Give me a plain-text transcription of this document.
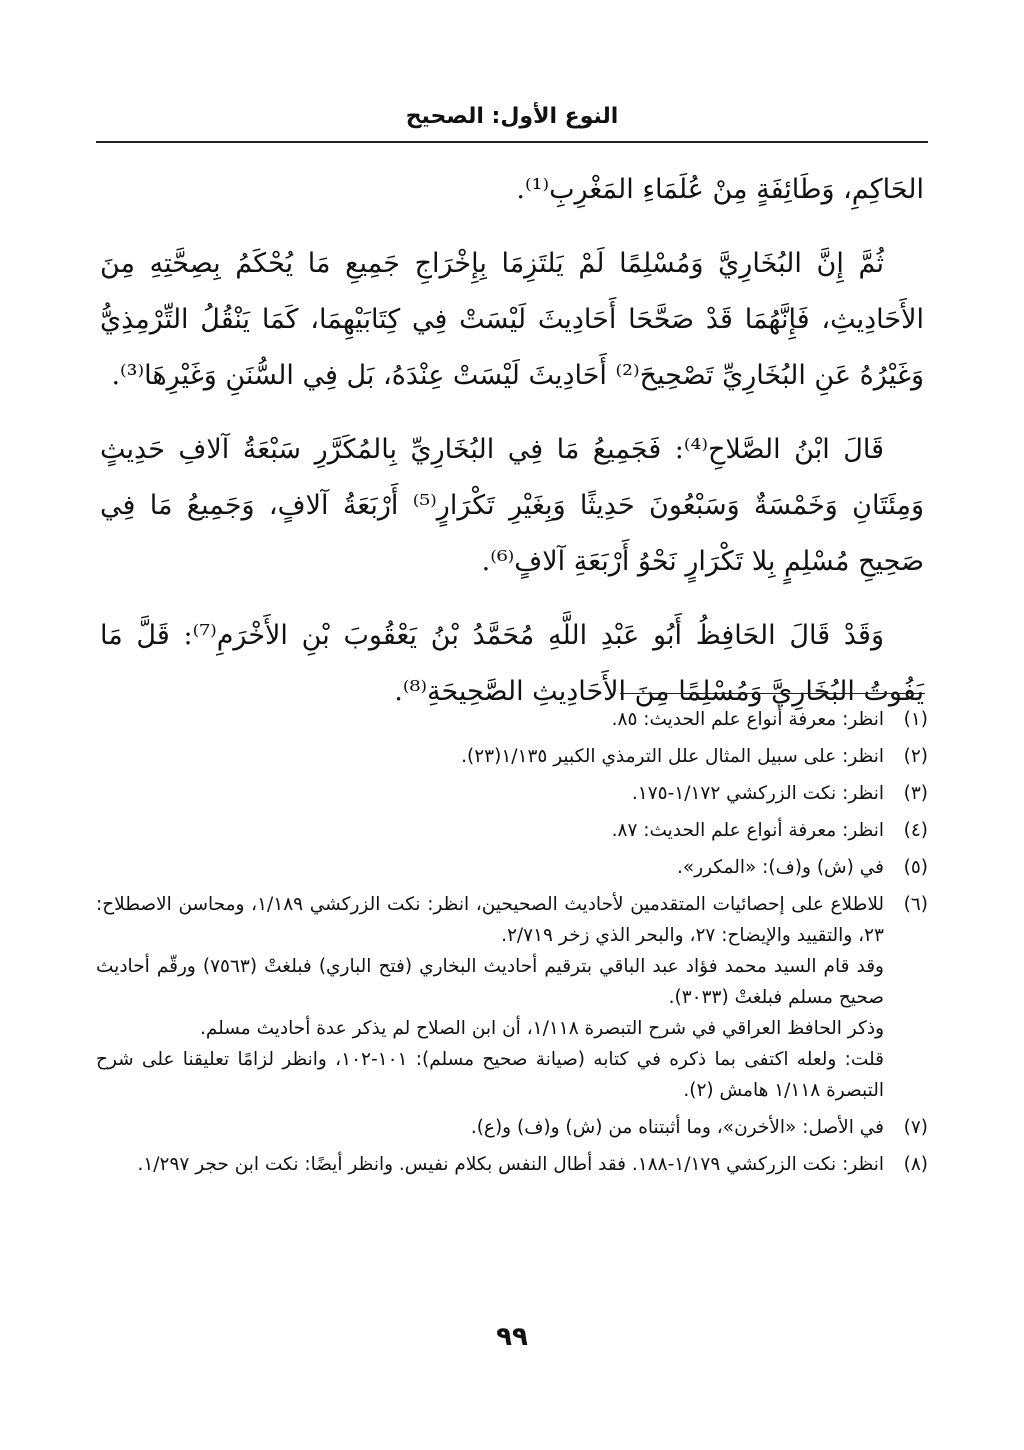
النوع الأول: الصحيح

الحَاكِمِ، وَطَائِفَةٍ مِنْ عُلَمَاءِ المَغْرِبِ⁽¹⁾.

ثُمَّ إِنَّ البُخَارِيَّ وَمُسْلِمًا لَمْ يَلتَزِمَا بِإِخْرَاجِ جَمِيعِ مَا يُحْكَمُ بِصِحَّتِهِ مِنَ الأَحَادِيثِ، فَإِنَّهُمَا قَدْ صَحَّحَا أَحَادِيثَ لَيْسَتْ فِي كِتَابَيْهِمَا، كَمَا يَنْقُلُ التِّرْمِذِيُّ وَغَيْرُهُ عَنِ البُخَارِيِّ تَصْحِيحَ⁽²⁾ أَحَادِيثَ لَيْسَتْ عِنْدَهُ، بَل فِي السُّنَنِ وَغَيْرِهَا⁽³⁾.

قَالَ ابْنُ الصَّلاحِ⁽⁴⁾: فَجَمِيعُ مَا فِي البُخَارِيِّ بِالمُكَرَّرِ سَبْعَةُ آلافِ حَدِيثٍ وَمِئَتَانِ وَخَمْسَةٌ وَسَبْعُونَ حَدِيثًا وَبِغَيْرِ تَكْرَارٍ⁽⁵⁾ أَرْبَعَةُ آلافٍ، وَجَمِيعُ مَا فِي صَحِيحِ مُسْلِمٍ بِلا تَكْرَارٍ نَحْوُ أَرْبَعَةِ آلافٍ⁽⁶⁾.

وَقَدْ قَالَ الحَافِظُ أَبُو عَبْدِ اللَّهِ مُحَمَّدُ بْنُ يَعْقُوبَ بْنِ الأَخْرَمِ⁽⁷⁾: قَلَّ مَا يَفُوتُ البُخَارِيَّ وَمُسْلِمًا مِنَ الأَحَادِيثِ الصَّحِيحَةِ⁽⁸⁾.

(١)
انظر: معرفة أنواع علم الحديث: ٨٥.
(٢)
انظر: على سبيل المثال علل الترمذي الكبير ١/١٣٥(٢٣).
(٣)
انظر: نكت الزركشي ١/١٧٢-١٧٥.
(٤)
انظر: معرفة أنواع علم الحديث: ٨٧.
(٥)
في (ش) و(ف): «المكرر».
(٦)
للاطلاع على إحصائيات المتقدمين لأحاديث الصحيحين، انظر: نكت الزركشي ١/١٨٩، ومحاسن الاصطلاح: ٢٣، والتقييد والإيضاح: ٢٧، والبحر الذي زخر ٢/٧١٩.
وقد قام السيد محمد فؤاد عبد الباقي بترقيم أحاديث البخاري (فتح الباري) فبلغتْ (٧٥٦٣) ورقّم أحاديث صحيح مسلم فبلغتْ (٣٠٣٣).
وذكر الحافظ العراقي في شرح التبصرة ١/١١٨، أن ابن الصلاح لم يذكر عدة أحاديث مسلم.
قلت: ولعله اكتفى بما ذكره في كتابه (صيانة صحيح مسلم): ١٠١-١٠٢، وانظر لزامًا تعليقنا على شرح التبصرة ١/١١٨ هامش (٢).
(٧)
في الأصل: «الأخرن»، وما أثبتناه من (ش) و(ف) و(ع).
(٨)
انظر: نكت الزركشي ١/١٧٩-١٨٨. فقد أطال النفس بكلام نفيس. وانظر أيضًا: نكت ابن حجر ١/٢٩٧.
٩٩
